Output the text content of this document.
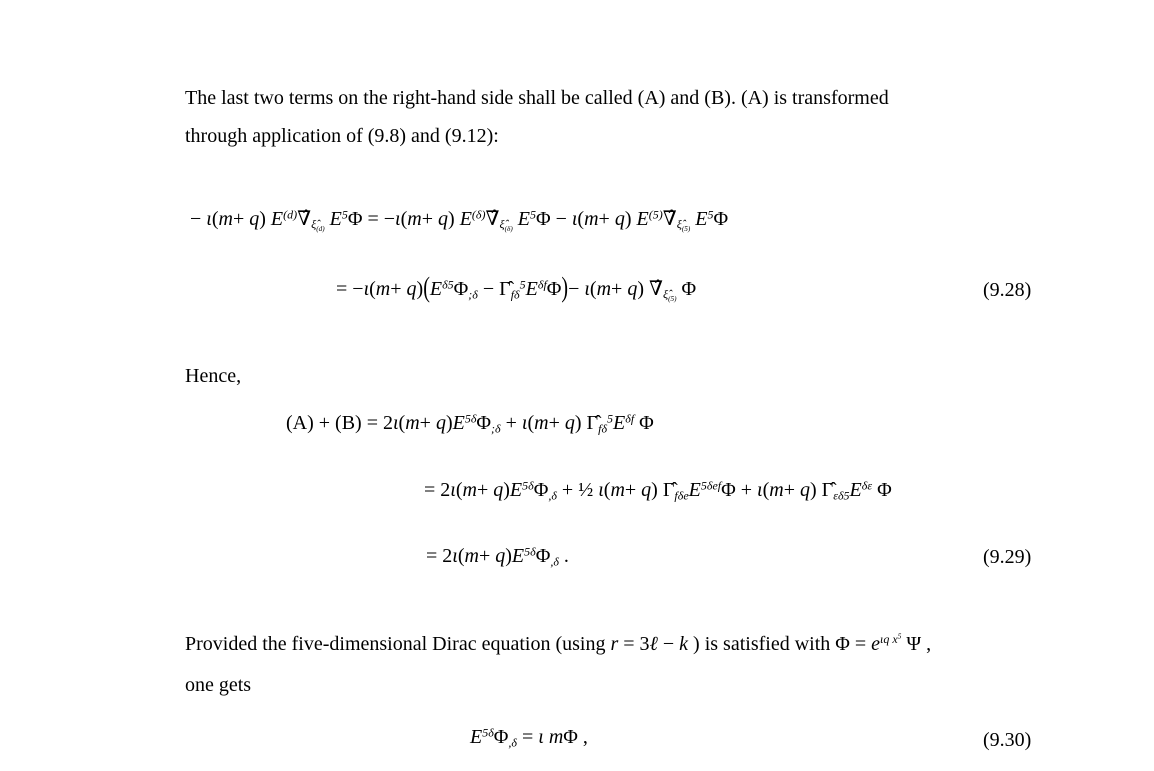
The last two terms on the right-hand side shall be called (A) and (B). (A) is transformed
through application of (9.8) and (9.12):
− ι(m+ q) $E^{(d)}\nablâ\xî_{(d)}$ $E^5\Phi = -\iota(m+ q)$ $E^{(\delta)}\nablâ\xî_{(\delta)}$ $E^5\Phi - \iota(m+ q)$ $E^{(5)}\nablâ\xî_{(5)}$ $E^5\Phi$
= $-\iota(m+ q)(E^{\delta 5}\Phi;\delta$ − $\Gammâf\delta^5E^{\delta f}\Phi)- \iota(m+ q)$ $\nablâ\xî_{(5)}$ Φ	(9.28)
Hence,
$(A) + (B) = 2\iota(m+ q)E^{5\delta}\Phi;\delta + \iota(m+ q)$ $\Gammâf\delta^5E^{\delta f}$ Φ
= $2\iota(m+ q)E^{5\delta}\Phi,\delta$ + ½ ι(m+ q) Γ̂fδeE$^{5\delta ef}$Φ + ι(m+ q) $\Gammâ\varepsilon\delta 5E^{\delta\varepsilon}$ Φ
= $2\iota(m+ q)E^{5\delta}\Phi,\delta$ .	(9.29)
Provided the five-dimensional Dirac equation (using r = 3ℓ − k ) is satisfied with $\Phi = e^{\iota q x^5}$ Ψ ,
one gets
$E^{5\delta}\Phi,\delta = \iota$ mΦ ,	(9.30)
